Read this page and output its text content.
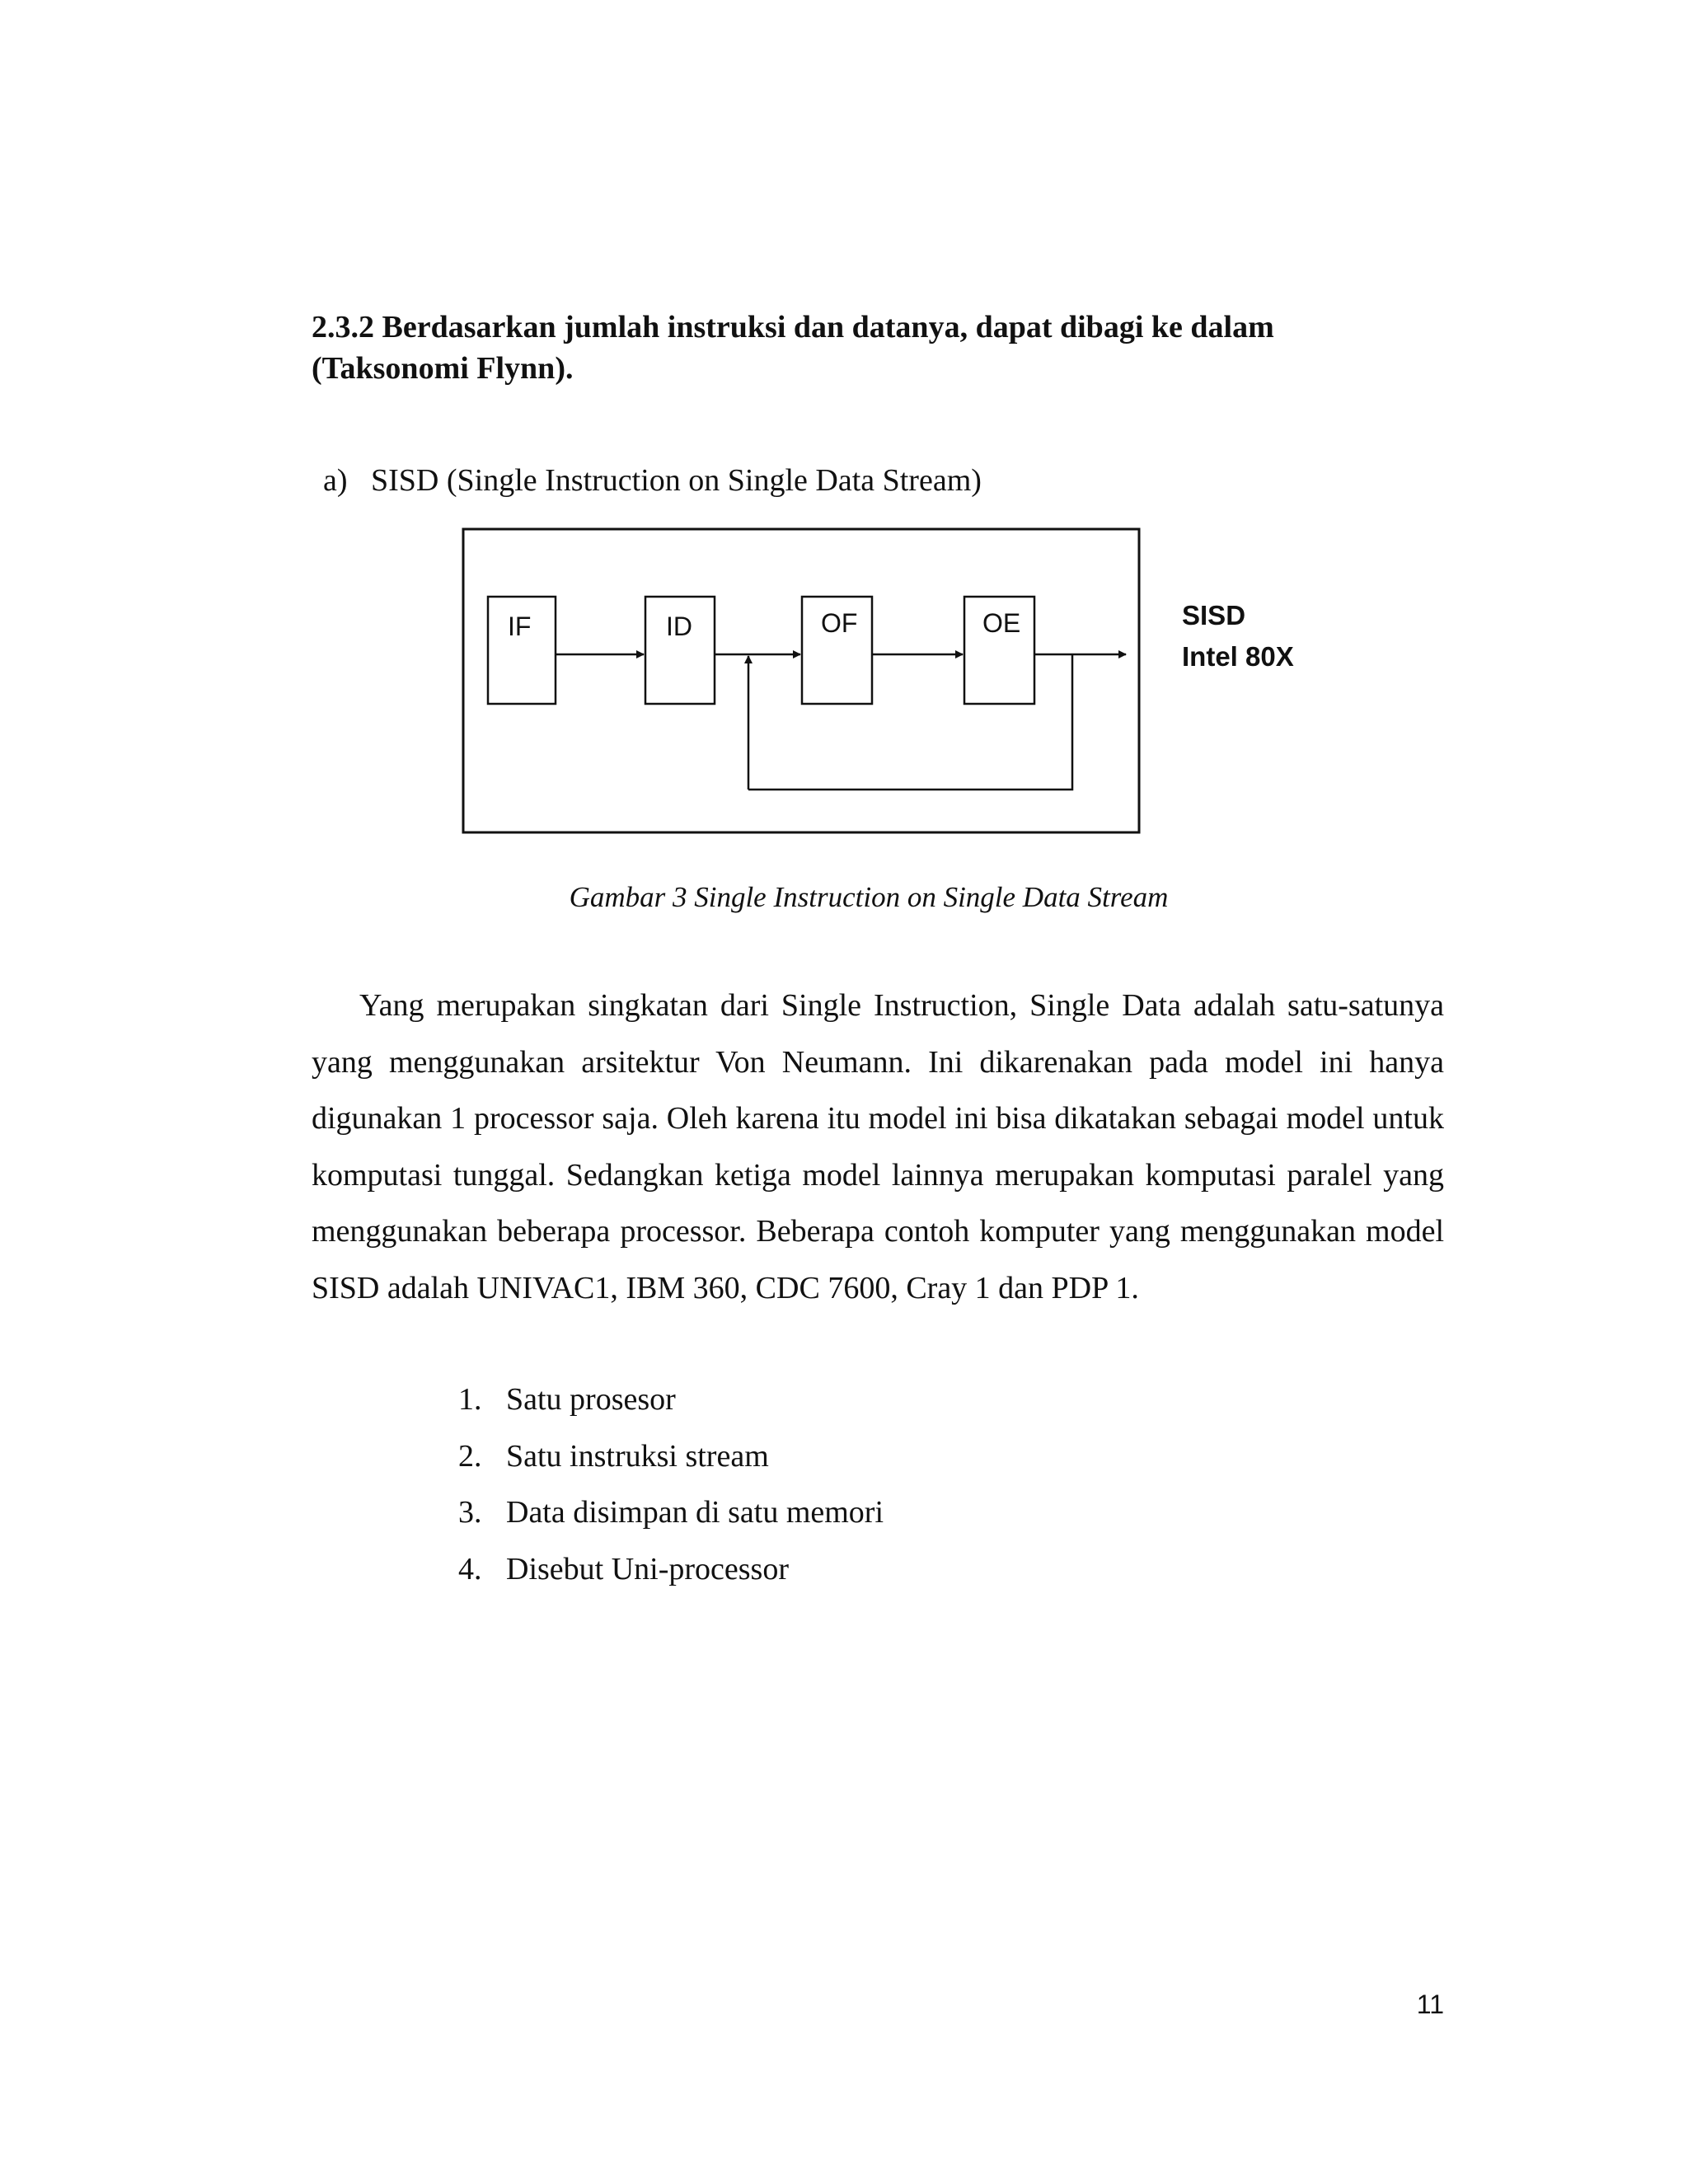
2.3.2 Berdasarkan jumlah instruksi dan datanya, dapat dibagi ke dalam
(Taksonomi Flynn).
a) SISD (Single Instruction on Single Data Stream)
IF	ID	OF	OE	SISD
Intel 80X
Gambar 3 Single Instruction on Single Data Stream

Yang merupakan singkatan dari Single Instruction, Single Data adalah satu-satunya yang menggunakan arsitektur Von Neumann. Ini dikarenakan pada model ini hanya digunakan 1 processor saja. Oleh karena itu model ini bisa dikatakan sebagai model untuk komputasi tunggal. Sedangkan ketiga model lainnya merupakan komputasi paralel yang menggunakan beberapa processor. Beberapa contoh komputer yang menggunakan model SISD adalah UNIVAC1, IBM 360, CDC 7600, Cray 1 dan PDP 1.

1. Satu prosesor
2. Satu instruksi stream
3. Data disimpan di satu memori
4. Disebut Uni-processor
11
